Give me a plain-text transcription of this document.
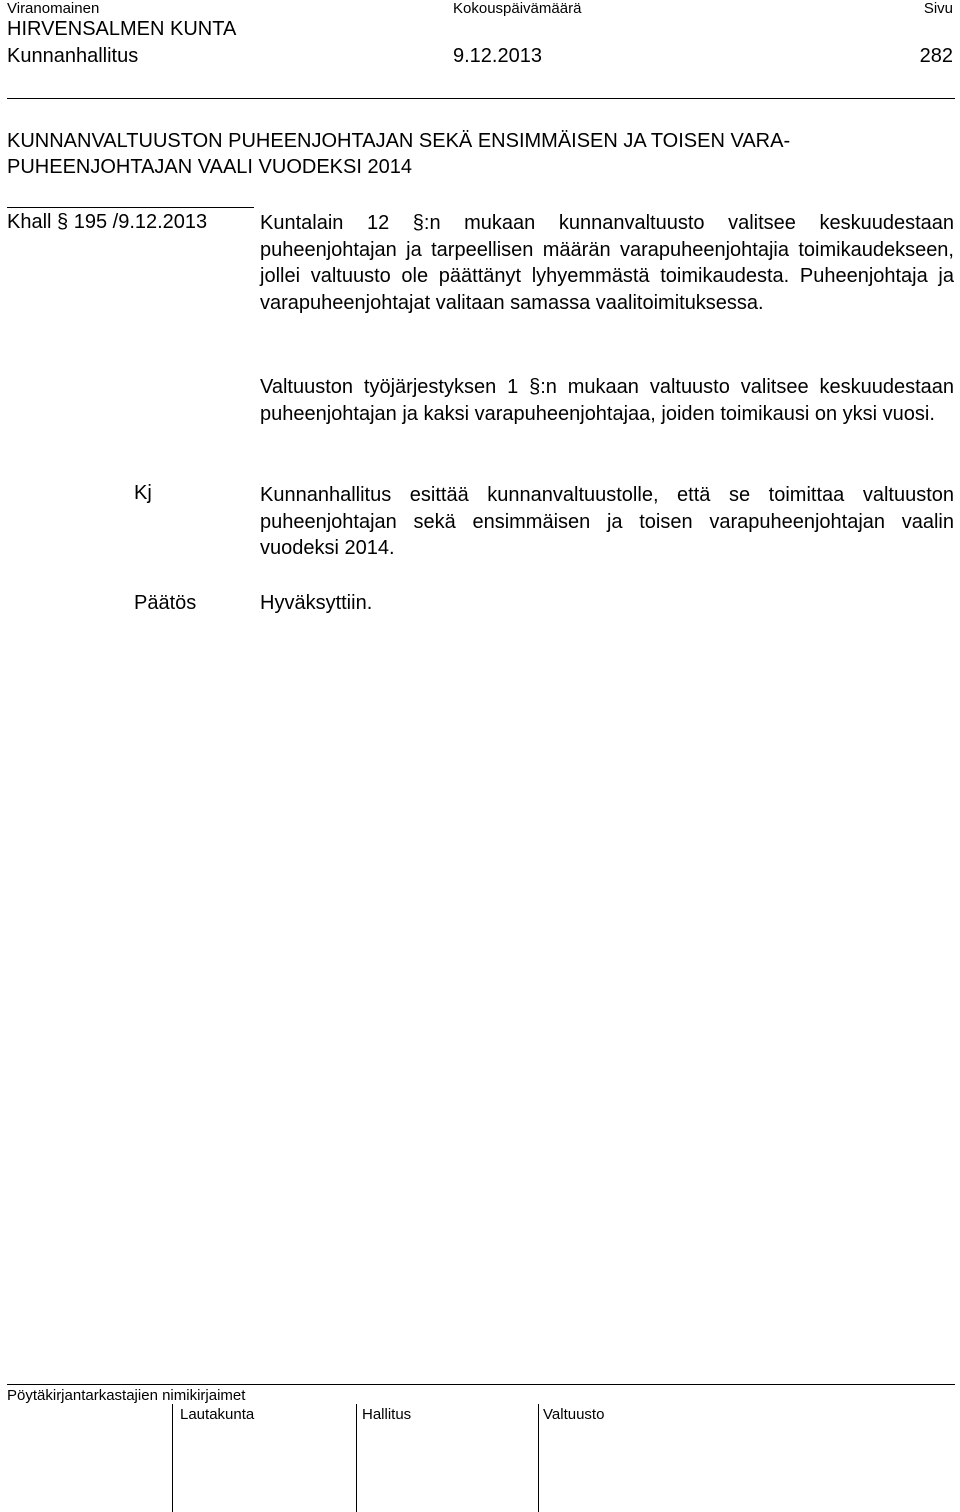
Viranomainen	Kokouspäivämäärä	Sivu
HIRVENSALMEN KUNTA
Kunnanhallitus	9.12.2013	282
KUNNANVALTUUSTON PUHEENJOHTAJAN SEKÄ ENSIMMÄISEN JA TOISEN VARA-PUHEENJOHTAJAN VAALI VUODEKSI 2014
Khall § 195 /9.12.2013	Kuntalain 12 §:n mukaan kunnanvaltuusto valitsee keskuudestaan puheenjohtajan ja tarpeellisen määrän varapuheenjohtajia toimikaudekseen, jollei valtuusto ole päättänyt lyhyemmästä toimikaudesta. Puheenjohtaja ja varapuheenjohtajat valitaan samassa vaalitoimituksessa.
Valtuuston työjärjestyksen 1 §:n mukaan valtuusto valitsee keskuudestaan puheenjohtajan ja kaksi varapuheenjohtajaa, joiden toimikausi on yksi vuosi.
Kj	Kunnanhallitus esittää kunnanvaltuustolle, että se toimittaa valtuuston puheenjohtajan sekä ensimmäisen ja toisen varapuheenjohtajan vaalin vuodeksi 2014.
Päätös	Hyväksyttiin.
Pöytäkirjantarkastajien nimikirjaimet
Lautakunta	Hallitus	Valtuusto
